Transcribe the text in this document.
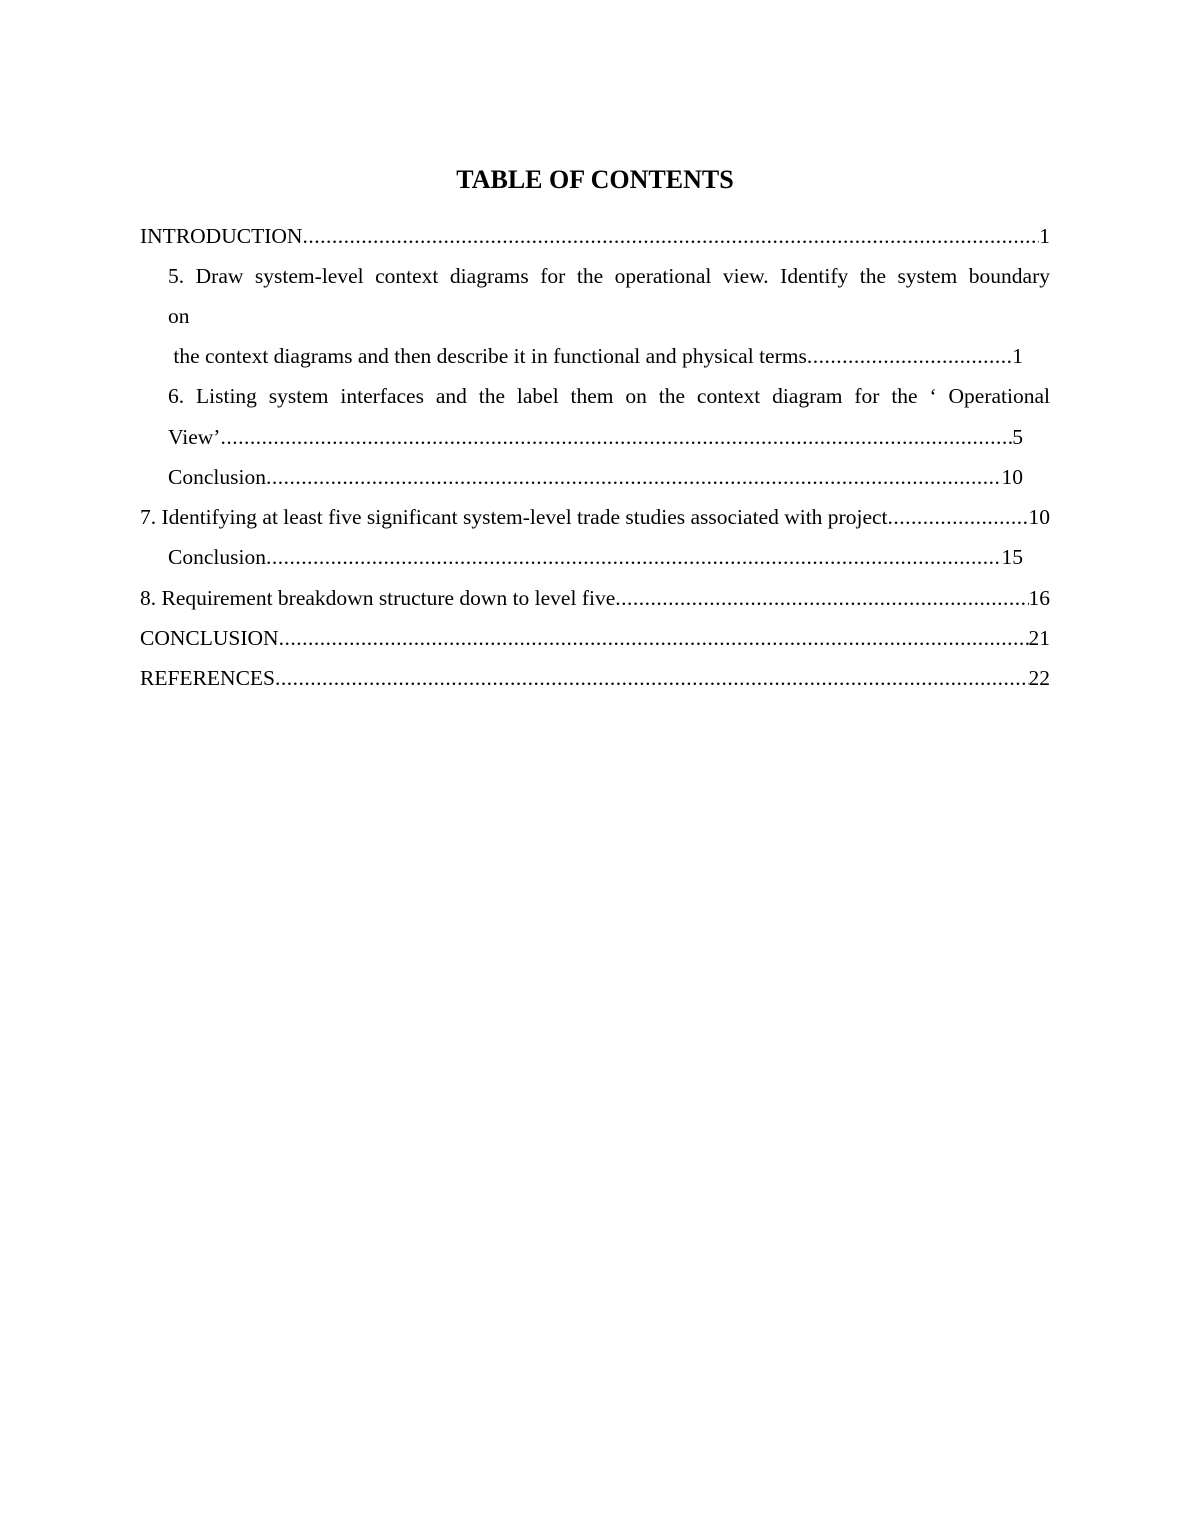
TABLE OF CONTENTS
INTRODUCTION .....	1
5. Draw system-level context diagrams for the operational view. Identify the system boundary
on
the context diagrams and then describe it in functional and physical terms .....	1
6. Listing system interfaces and the label them on the context diagram for the ‘ Operational
View’ .....	5
Conclusion .....	10
7. Identifying at least five significant system-level trade studies associated with project .....	10
Conclusion .....	15
8. Requirement breakdown structure down to level five .....	16
CONCLUSION .....	21
REFERENCES .....	22
